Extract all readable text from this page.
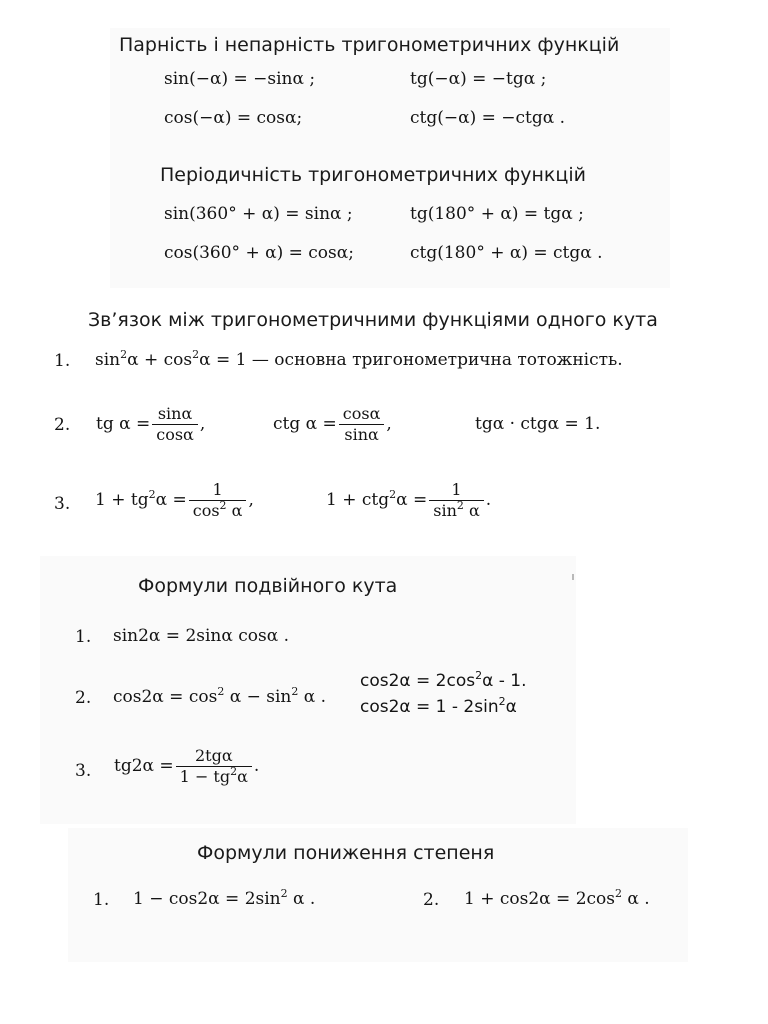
Парність і непарність тригонометричних функцій
sin(−α) = −sinα ;	tg(−α) = −tgα ;
cos(−α) = cosα;	ctg(−α) = −ctgα .
Періодичність тригонометричних функцій
sin(360° + α) = sinα ;	tg(180° + α) = tgα ;
cos(360° + α) = cosα;	ctg(180° + α) = ctgα .
Зв’язок між тригонометричними функціями одного кута
1. $\sin^2\alpha + \cos^2\alpha = 1$ — основна тригонометрична тотожність.
2. tg $\alpha = \frac{\sin\alpha}{\cos\alpha}$ ,	ctg $\alpha = \frac{\cos\alpha}{\sin\alpha}$ ,	tgα · ctgα = 1.
3. $1 + tg^2\alpha = \frac{1}{\cos^2 \alpha}$ ,	$1 + ctg^2\alpha = \frac{1}{\sin^2 \alpha}$ .
Формули подвійного кута
1. sin2α = 2sinα cosα .
2. $\cos 2\alpha = \cos^2 \alpha - \sin^2 \alpha$ .
$\cos 2\alpha = 2\cos^2\alpha - 1$.
$\cos 2\alpha = 1 - 2\sin^2\alpha$
3. $tg2\alpha = \frac{\text{2tgα}}{1 - tg^2\alpha}$ .
Формули пониження степеня
1. $1 - \cos 2\alpha = 2\sin^2$ α .	2. $1 + \cos 2\alpha = 2\cos^2$ α .
